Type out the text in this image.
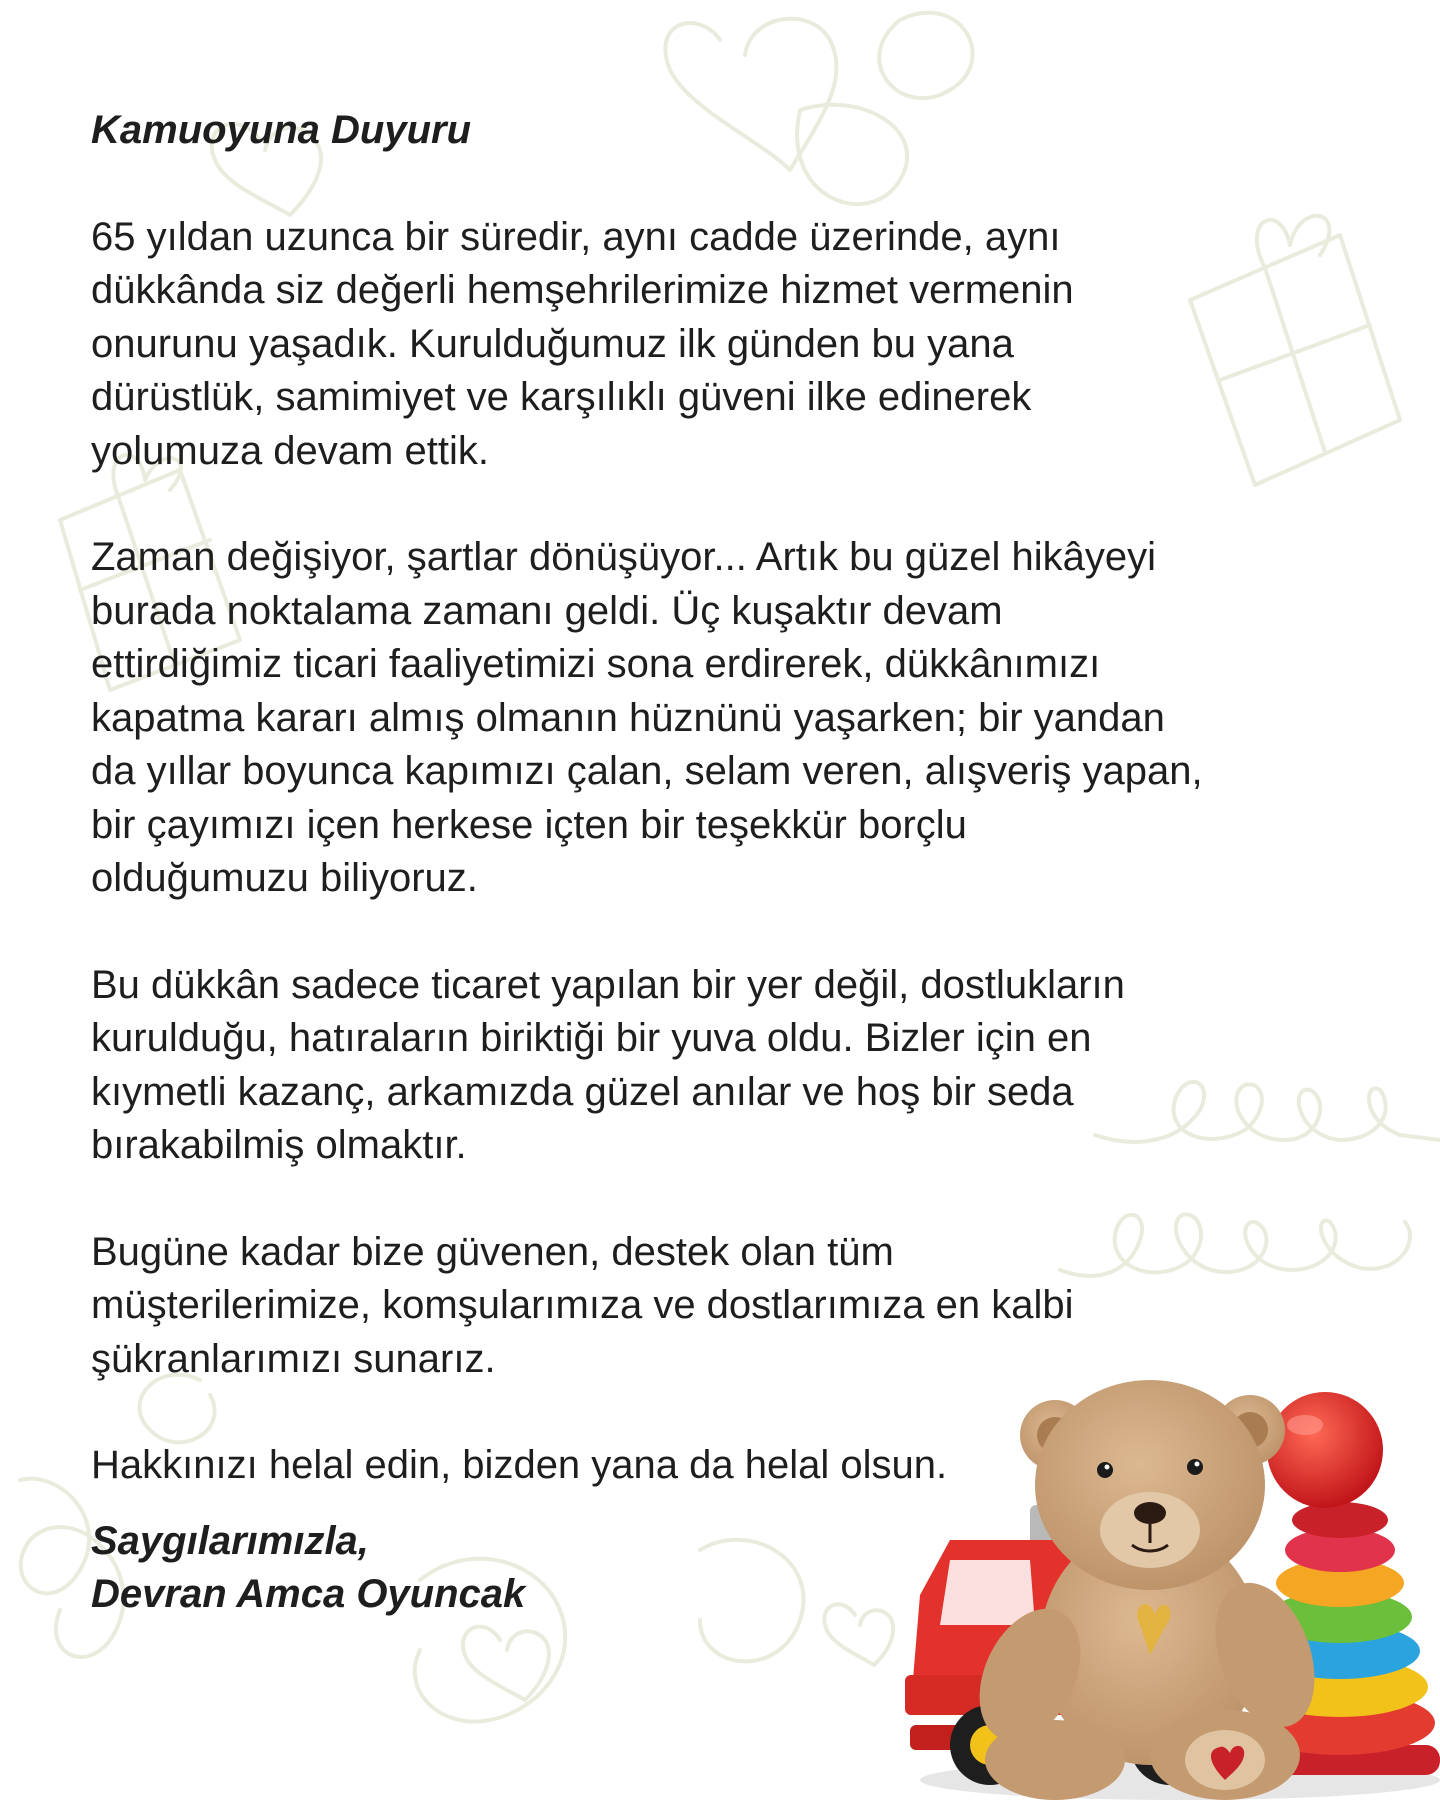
Kamuoyuna Duyuru
65 yıldan uzunca bir süredir, aynı cadde üzerinde, aynı
dükkânda siz değerli hemşehrilerimize hizmet vermenin
onurunu yaşadık. Kurulduğumuz ilk günden bu yana
dürüstlük, samimiyet ve karşılıklı güveni ilke edinerek
yolumuza devam ettik.
Zaman değişiyor, şartlar dönüşüyor... Artık bu güzel hikâyeyi
burada noktalama zamanı geldi. Üç kuşaktır devam
ettirdiğimiz ticari faaliyetimizi sona erdirerek, dükkânımızı
kapatma kararı almış olmanın hüznünü yaşarken; bir yandan
da yıllar boyunca kapımızı çalan, selam veren, alışveriş yapan,
bir çayımızı içen herkese içten bir teşekkür borçlu
olduğumuzu biliyoruz.
Bu dükkân sadece ticaret yapılan bir yer değil, dostlukların
kurulduğu, hatıraların biriktiği bir yuva oldu. Bizler için en
kıymetli kazanç, arkamızda güzel anılar ve hoş bir seda
bırakabilmiş olmaktır.
Bugüne kadar bize güvenen, destek olan tüm
müşterilerimize, komşularımıza ve dostlarımıza en kalbi
şükranlarımızı sunarız.
Hakkınızı helal edin, bizden yana da helal olsun.
Saygılarımızla,
Devran Amca Oyuncak
